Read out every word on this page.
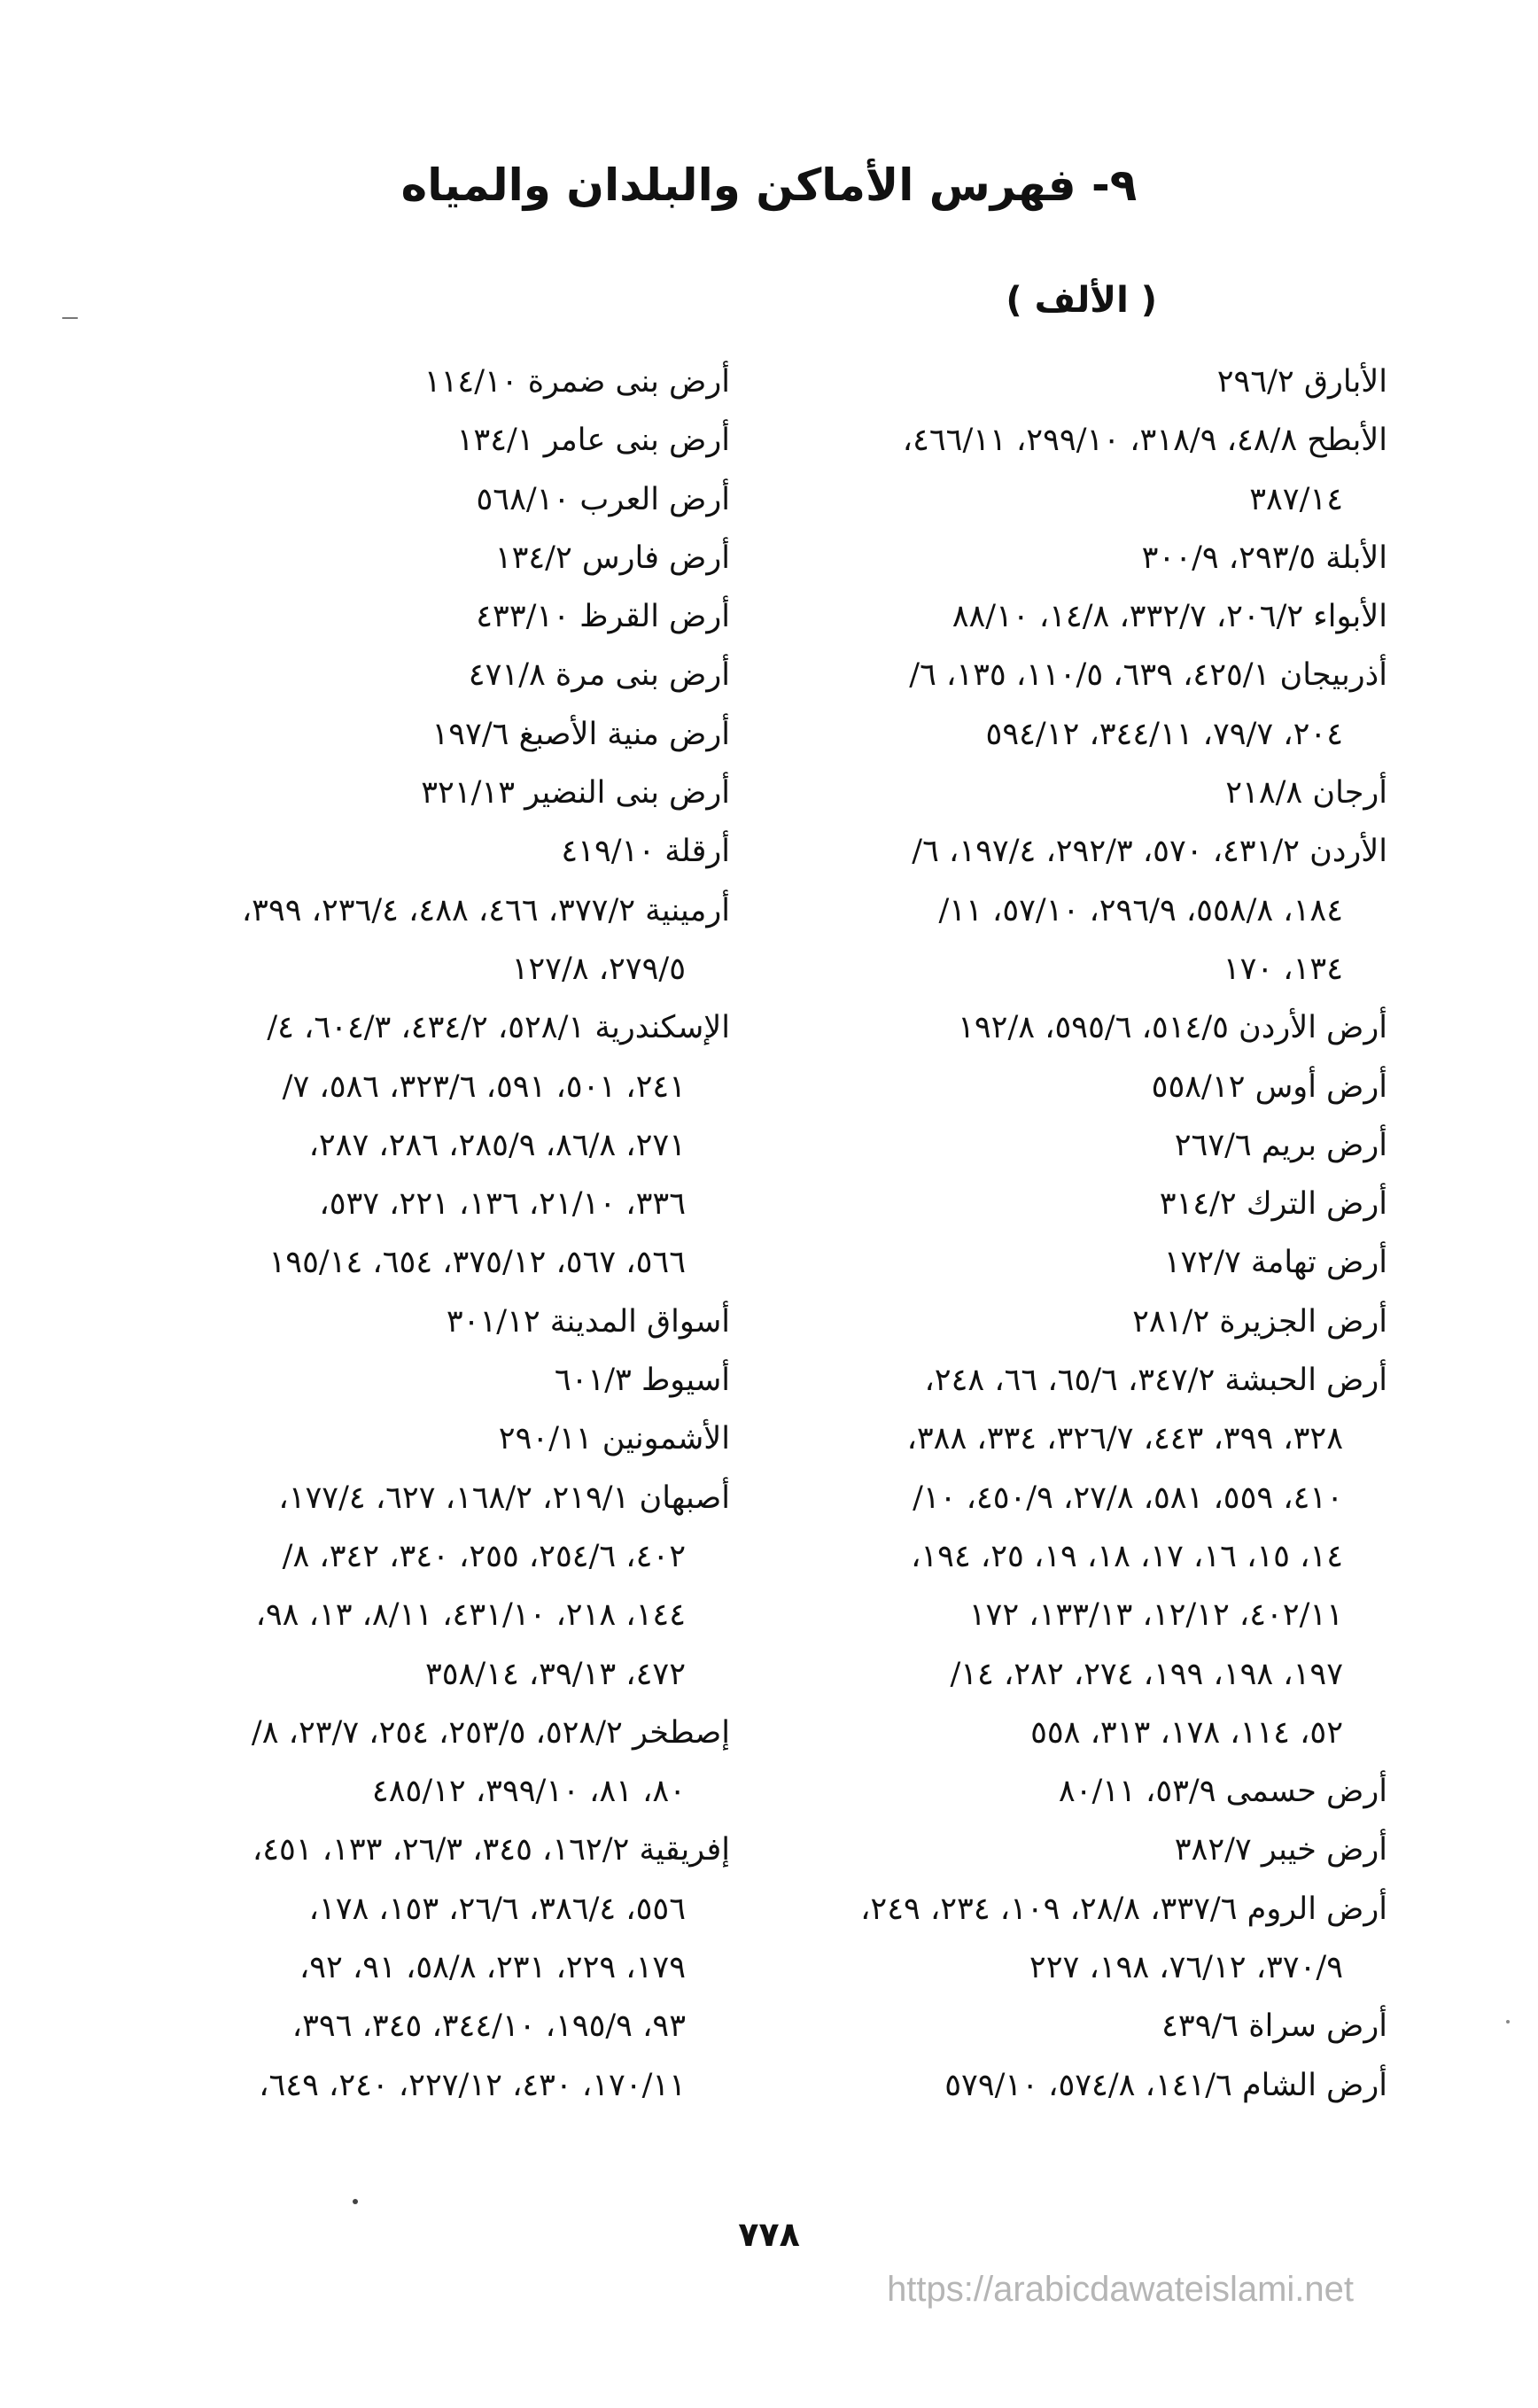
٩- فهرس الأماكن والبلدان والمياه
( الألف )
الأبارق ٢٩٦/٢
الأبطح ٤٨/٨، ٣١٨/٩، ٢٩٩/١٠، ٤٦٦/١١،
٣٨٧/١٤
الأبلة ٢٩٣/٥، ٣٠٠/٩
الأبواء ٢٠٦/٢، ٣٣٢/٧، ١٤/٨، ٨٨/١٠
أذربيجان ٤٢٥/١، ٦٣٩، ١١٠/٥، ١٣٥، ٦/
٢٠٤، ٧٩/٧، ٣٤٤/١١، ٥٩٤/١٢
أرجان ٢١٨/٨
الأردن ٤٣١/٢، ٥٧٠، ٢٩٢/٣، ١٩٧/٤، ٦/
١٨٤، ٥٥٨/٨، ٢٩٦/٩، ٥٧/١٠، ١١/
١٣٤، ١٧٠
أرض الأردن ٥١٤/٥، ٥٩٥/٦، ١٩٢/٨
أرض أوس ٥٥٨/١٢
أرض بريم ٢٦٧/٦
أرض الترك ٣١٤/٢
أرض تهامة ١٧٢/٧
أرض الجزيرة ٢٨١/٢
أرض الحبشة ٣٤٧/٢، ٦٥/٦، ٦٦، ٢٤٨،
٣٢٨، ٣٩٩، ٤٤٣، ٣٢٦/٧، ٣٣٤، ٣٨٨،
٤١٠، ٥٥٩، ٥٨١، ٢٧/٨، ٤٥٠/٩، ١٠/
١٤، ١٥، ١٦، ١٧، ١٨، ١٩، ٢٥، ١٩٤،
٤٠٢/١١، ١٢/١٢، ١٣٣/١٣، ١٧٢
١٩٧، ١٩٨، ١٩٩، ٢٧٤، ٢٨٢، ١٤/
٥٢، ١١٤، ١٧٨، ٣١٣، ٥٥٨
أرض حسمى ٥٣/٩، ٨٠/١١
أرض خيبر ٣٨٢/٧
أرض الروم ٣٣٧/٦، ٢٨/٨، ١٠٩، ٢٣٤، ٢٤٩،
٣٧٠/٩، ٧٦/١٢، ١٩٨، ٢٢٧
أرض سراة ٤٣٩/٦
أرض الشام ١٤١/٦، ٥٧٤/٨، ٥٧٩/١٠
أرض بنى ضمرة ١١٤/١٠
أرض بنى عامر ١٣٤/١
أرض العرب ٥٦٨/١٠
أرض فارس ١٣٤/٢
أرض القرظ ٤٣٣/١٠
أرض بنى مرة ٤٧١/٨
أرض منية الأصبغ ١٩٧/٦
أرض بنى النضير ٣٢١/١٣
أرقلة ٤١٩/١٠
أرمينية ٣٧٧/٢، ٤٦٦، ٤٨٨، ٢٣٦/٤، ٣٩٩،
٢٧٩/٥، ١٢٧/٨
الإسكندرية ٥٢٨/١، ٤٣٤/٢، ٦٠٤/٣، ٤/
٢٤١، ٥٠١، ٥٩١، ٣٢٣/٦، ٥٨٦، ٧/
٢٧١، ٨٦/٨، ٢٨٥/٩، ٢٨٦، ٢٨٧،
٣٣٦، ٢١/١٠، ١٣٦، ٢٢١، ٥٣٧،
٥٦٦، ٥٦٧، ٣٧٥/١٢، ٦٥٤، ١٩٥/١٤
أسواق المدينة ٣٠١/١٢
أسيوط ٦٠١/٣
الأشمونين ٢٩٠/١١
أصبهان ٢١٩/١، ١٦٨/٢، ٦٢٧، ١٧٧/٤،
٤٠٢، ٢٥٤/٦، ٢٥٥، ٣٤٠، ٣٤٢، ٨/
١٤٤، ٢١٨، ٤٣١/١٠، ٨/١١، ١٣، ٩٨،
٤٧٢، ٣٩/١٣، ٣٥٨/١٤
إصطخر ٥٢٨/٢، ٢٥٣/٥، ٢٥٤، ٢٣/٧، ٨/
٨٠، ٨١، ٣٩٩/١٠، ٤٨٥/١٢
إفريقية ١٦٢/٢، ٣٤٥، ٢٦/٣، ١٣٣، ٤٥١،
٥٥٦، ٣٨٦/٤، ٢٦/٦، ١٥٣، ١٧٨،
١٧٩، ٢٢٩، ٢٣١، ٥٨/٨، ٩١، ٩٢،
٩٣، ١٩٥/٩، ٣٤٤/١٠، ٣٤٥، ٣٩٦،
١٧٠/١١، ٤٣٠، ٢٢٧/١٢، ٢٤٠، ٦٤٩،
٧٧٨
https://arabicdawateislami.net
